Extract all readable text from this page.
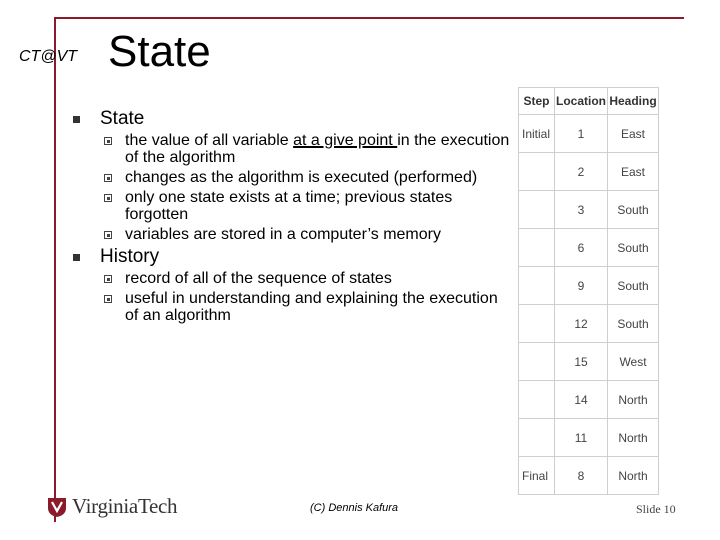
CT@VT State
State
the value of all variable at a give point in the execution of the algorithm
changes as the algorithm is executed (performed)
only one state exists at a time; previous states forgotten
variables are stored in a computer’s memory
History
record of all of the sequence of states
useful in understanding and explaining the execution of an algorithm
Step	Location	Heading
Initial	1	East
	2	East
	3	South
	6	South
	9	South
	12	South
	15	West
	14	North
	11	North
Final	8	North
VirginiaTech	(C) Dennis Kafura	Slide 10
